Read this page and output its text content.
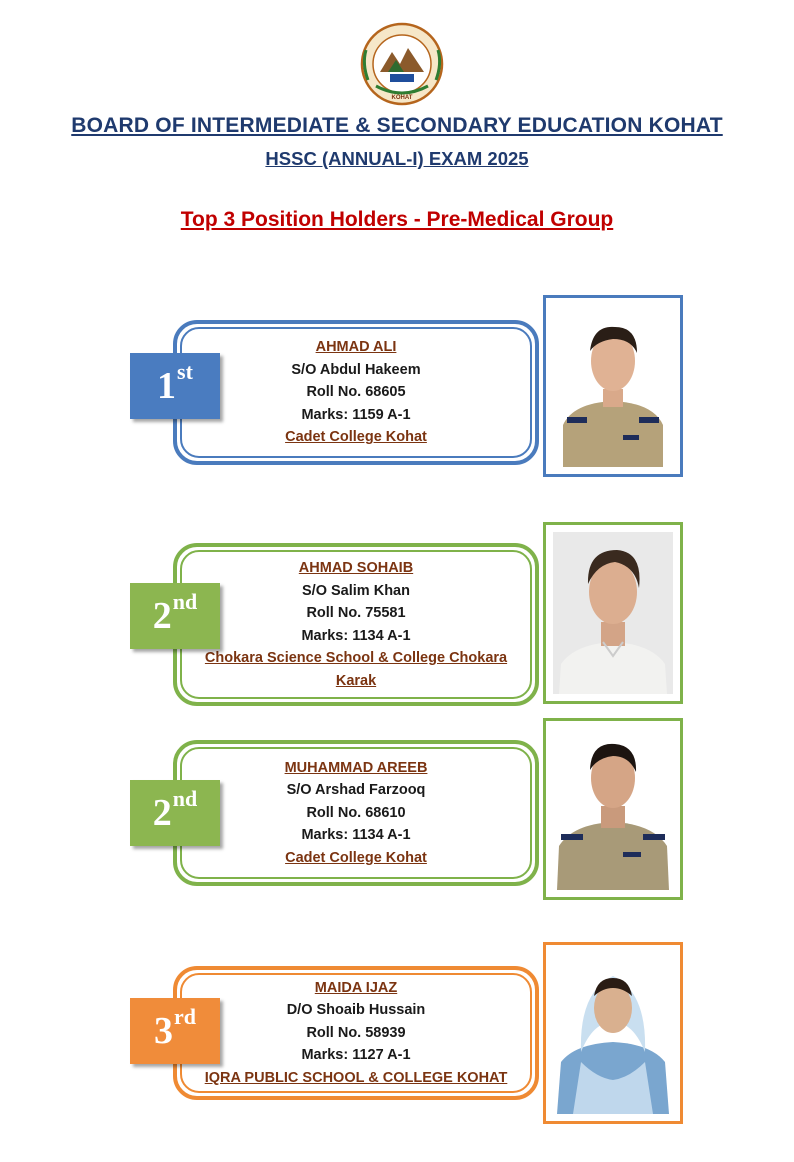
KOHAT
BOARD OF INTERMEDIATE & SECONDARY EDUCATION KOHAT
HSSC (ANNUAL-I) EXAM 2025
Top 3 Position Holders - Pre-Medical Group
AHMAD ALI
S/O Abdul Hakeem
Roll No. 68605
Marks: 1159 A-1
Cadet College Kohat
1st
AHMAD SOHAIB
S/O Salim Khan
Roll No. 75581
Marks: 1134 A-1
Chokara Science School & College Chokara
Karak
2nd
MUHAMMAD AREEB
S/O Arshad Farzooq
Roll No. 68610
Marks: 1134 A-1
Cadet College Kohat
2nd
MAIDA IJAZ
D/O Shoaib Hussain
Roll No. 58939
Marks: 1127 A-1
IQRA PUBLIC SCHOOL & COLLEGE KOHAT
3rd
